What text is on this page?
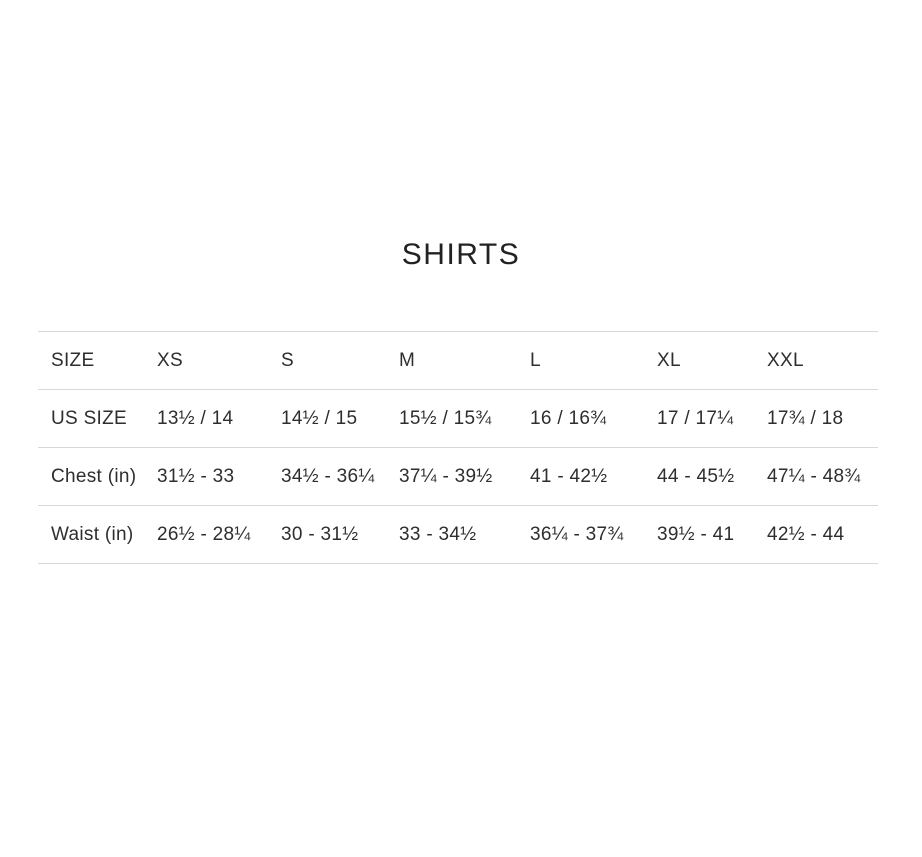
SHIRTS
SIZE	XS	S	M	L	XL	XXL
US SIZE	13½ / 14	14½ / 15	15½ / 15¾	16 / 16¾	17 / 17¼	17¾ / 18
Chest (in)	31½ - 33	34½ - 36¼	37¼ - 39½	41 - 42½	44 - 45½	47¼ - 48¾
Waist (in)	26½ - 28¼	30 - 31½	33 - 34½	36¼ - 37¾	39½ - 41	42½ - 44
